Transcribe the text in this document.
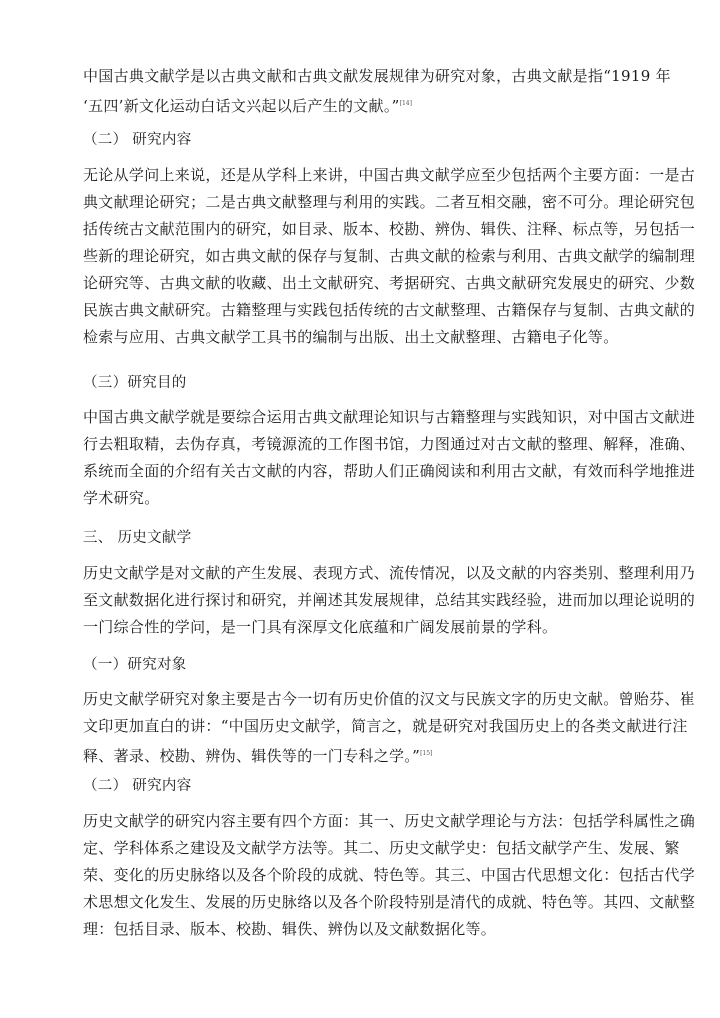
中国古典文献学是以古典文献和古典文献发展规律为研究对象，古典文献是指“1919 年
‘五四’新文化运动白话文兴起以后产生的文献。”[14]
（二） 研究内容
无论从学问上来说，还是从学科上来讲，中国古典文献学应至少包括两个主要方面：一是古
典文献理论研究；二是古典文献整理与利用的实践。二者互相交融，密不可分。理论研究包
括传统古文献范围内的研究，如目录、版本、校勘、辨伪、辑佚、注释、标点等，另包括一
些新的理论研究，如古典文献的保存与复制、古典文献的检索与利用、古典文献学的编制理
论研究等、古典文献的收藏、出土文献研究、考据研究、古典文献研究发展史的研究、少数
民族古典文献研究。古籍整理与实践包括传统的古文献整理、古籍保存与复制、古典文献的
检索与应用、古典文献学工具书的编制与出版、出土文献整理、古籍电子化等。
（三）研究目的
中国古典文献学就是要综合运用古典文献理论知识与古籍整理与实践知识，对中国古文献进
行去粗取精，去伪存真，考镜源流的工作图书馆，力图通过对古文献的整理、解释，准确、
系统而全面的介绍有关古文献的内容，帮助人们正确阅读和利用古文献，有效而科学地推进
学术研究。
三、 历史文献学
历史文献学是对文献的产生发展、表现方式、流传情况，以及文献的内容类别、整理利用乃
至文献数据化进行探讨和研究，并阐述其发展规律，总结其实践经验，进而加以理论说明的
一门综合性的学问，是一门具有深厚文化底蕴和广阔发展前景的学科。
（一）研究对象
历史文献学研究对象主要是古今一切有历史价值的汉文与民族文字的历史文献。曾贻芬、崔
文印更加直白的讲：“中国历史文献学，简言之，就是研究对我国历史上的各类文献进行注
释、著录、校勘、辨伪、辑佚等的一门专科之学。”[15]
（二） 研究内容
历史文献学的研究内容主要有四个方面：其一、历史文献学理论与方法：包括学科属性之确
定、学科体系之建设及文献学方法等。其二、历史文献学史：包括文献学产生、发展、繁
荣、变化的历史脉络以及各个阶段的成就、特色等。其三、中国古代思想文化：包括古代学
术思想文化发生、发展的历史脉络以及各个阶段特别是清代的成就、特色等。其四、文献整
理：包括目录、版本、校勘、辑佚、辨伪以及文献数据化等。
